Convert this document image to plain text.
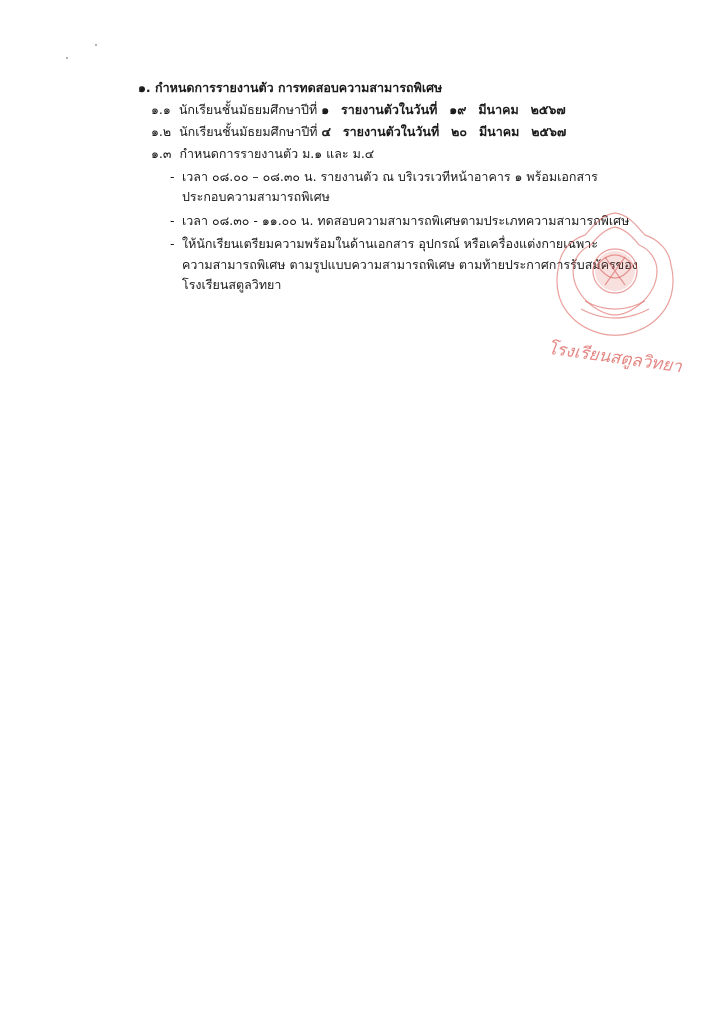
๑. กำหนดการรายงานตัว การทดสอบความสามารถพิเศษ
๑.๑ นักเรียนชั้นมัธยมศึกษาปีที่ ๑ รายงานตัวในวันที่ ๑๙ มีนาคม ๒๕๖๗
๑.๒ นักเรียนชั้นมัธยมศึกษาปีที่ ๔ รายงานตัวในวันที่ ๒๐ มีนาคม ๒๕๖๗
๑.๓ กำหนดการรายงานตัว ม.๑ และ ม.๔
- เวลา ๐๘.๐๐ – ๐๘.๓๐ น. รายงานตัว ณ บริเวรเวทีหน้าอาคาร ๑ พร้อมเอกสาร
ประกอบความสามารถพิเศษ
- เวลา ๐๘.๓๐ - ๑๑.๐๐ น. ทดสอบความสามารถพิเศษตามประเภทความสามารถพิเศษ
- ให้นักเรียนเตรียมความพร้อมในด้านเอกสาร อุปกรณ์ หรือเครื่องแต่งกายเฉพาะ
ความสามารถพิเศษ ตามรูปแบบความสามารถพิเศษ ตามท้ายประกาศการรับสมัครของ
โรงเรียนสตูลวิทยา
โรงเรียนสตูลวิทยา
